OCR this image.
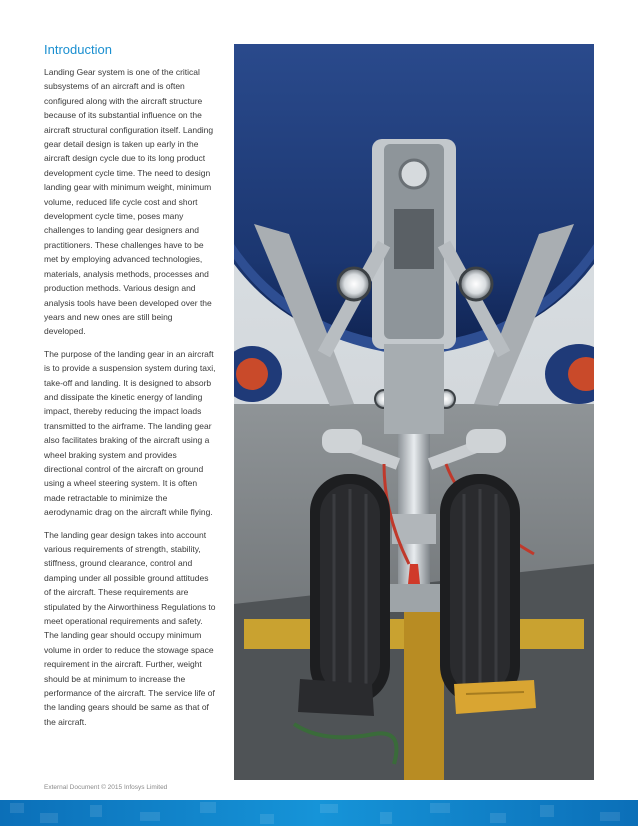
Introduction

Landing Gear system is one of the critical subsystems of an aircraft and is often configured along with the aircraft structure because of its substantial influence on the aircraft structural configuration itself. Landing gear detail design is taken up early in the aircraft design cycle due to its long product development cycle time. The need to design landing gear with minimum weight, minimum volume, reduced life cycle cost and short development cycle time, poses many challenges to landing gear designers and practitioners. These challenges have to be met by employing advanced technologies, materials, analysis methods, processes and production methods. Various design and analysis tools have been developed over the years and new ones are still being developed.

The purpose of the landing gear in an aircraft is to provide a suspension system during taxi, take-off and landing. It is designed to absorb and dissipate the kinetic energy of landing impact, thereby reducing the impact loads transmitted to the airframe. The landing gear also facilitates braking of the aircraft using a wheel braking system and provides directional control of the aircraft on ground using a wheel steering system. It is often made retractable to minimize the aerodynamic drag on the aircraft while flying.

The landing gear design takes into account various requirements of strength, stability, stiffness, ground clearance, control and damping under all possible ground attitudes of the aircraft. These requirements are stipulated by the Airworthiness Regulations to meet operational requirements and safety. The landing gear should occupy minimum volume in order to reduce the stowage space requirement in the aircraft. Further, weight should be at minimum to increase the performance of the aircraft. The service life of the landing gears should be same as that of the aircraft.

External Document © 2015 Infosys Limited
